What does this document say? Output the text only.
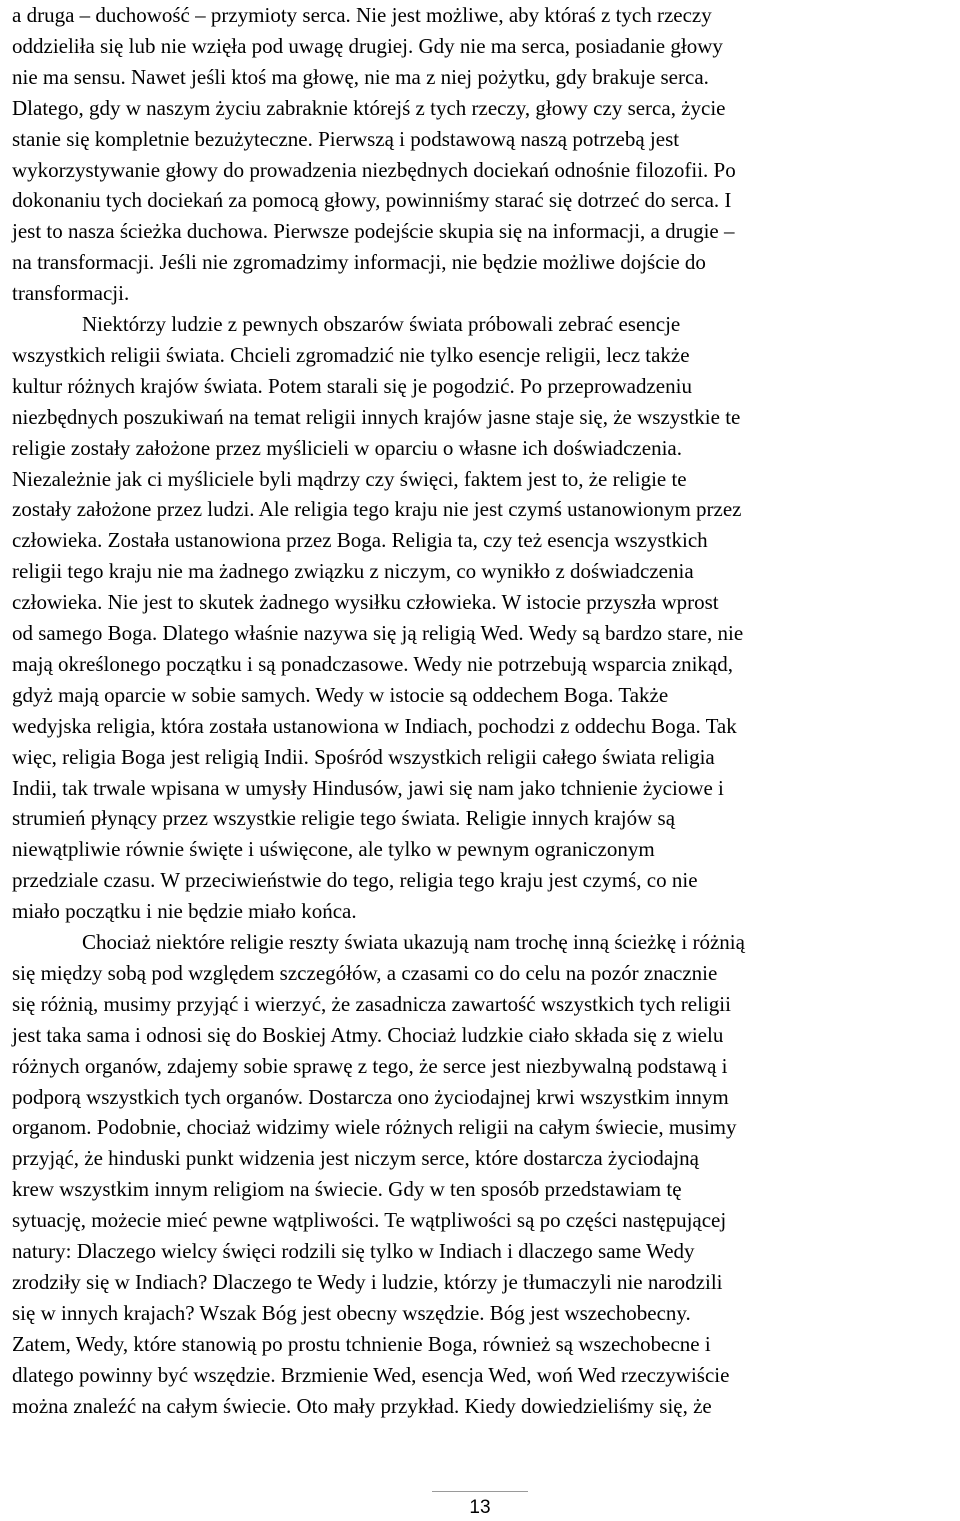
a druga – duchowość – przymioty serca. Nie jest możliwe, aby któraś z tych rzeczy
oddzieliła się lub nie wzięła pod uwagę drugiej. Gdy nie ma serca, posiadanie głowy
nie ma sensu. Nawet jeśli ktoś ma głowę, nie ma z niej pożytku, gdy brakuje serca.
Dlatego, gdy w naszym życiu zabraknie którejś z tych rzeczy, głowy czy serca, życie
stanie się kompletnie bezużyteczne. Pierwszą i podstawową naszą potrzebą jest
wykorzystywanie głowy do prowadzenia niezbędnych dociekań odnośnie filozofii. Po
dokonaniu tych dociekań za pomocą głowy, powinniśmy starać się dotrzeć do serca. I
jest to nasza ścieżka duchowa. Pierwsze podejście skupia się na informacji, a drugie –
na transformacji. Jeśli nie zgromadzimy informacji, nie będzie możliwe dojście do
transformacji.
Niektórzy ludzie z pewnych obszarów świata próbowali zebrać esencje
wszystkich religii świata. Chcieli zgromadzić nie tylko esencje religii, lecz także
kultur różnych krajów świata. Potem starali się je pogodzić. Po przeprowadzeniu
niezbędnych poszukiwań na temat religii innych krajów jasne staje się, że wszystkie te
religie zostały założone przez myślicieli w oparciu o własne ich doświadczenia.
Niezależnie jak ci myśliciele byli mądrzy czy święci, faktem jest to, że religie te
zostały założone przez ludzi. Ale religia tego kraju nie jest czymś ustanowionym przez
człowieka. Została ustanowiona przez Boga. Religia ta, czy też esencja wszystkich
religii tego kraju nie ma żadnego związku z niczym, co wynikło z doświadczenia
człowieka. Nie jest to skutek żadnego wysiłku człowieka. W istocie przyszła wprost
od samego Boga. Dlatego właśnie nazywa się ją religią Wed. Wedy są bardzo stare, nie
mają określonego początku i są ponadczasowe. Wedy nie potrzebują wsparcia znikąd,
gdyż mają oparcie w sobie samych. Wedy w istocie są oddechem Boga. Także
wedyjska religia, która została ustanowiona w Indiach, pochodzi z oddechu Boga. Tak
więc, religia Boga jest religią Indii. Spośród wszystkich religii całego świata religia
Indii, tak trwale wpisana w umysły Hindusów, jawi się nam jako tchnienie życiowe i
strumień płynący przez wszystkie religie tego świata. Religie innych krajów są
niewątpliwie równie święte i uświęcone, ale tylko w pewnym ograniczonym
przedziale czasu. W przeciwieństwie do tego, religia tego kraju jest czymś, co nie
miało początku i nie będzie miało końca.
Chociaż niektóre religie reszty świata ukazują nam trochę inną ścieżkę i różnią
się między sobą pod względem szczegółów, a czasami co do celu na pozór znacznie
się różnią, musimy przyjąć i wierzyć, że zasadnicza zawartość wszystkich tych religii
jest taka sama i odnosi się do Boskiej Atmy. Chociaż ludzkie ciało składa się z wielu
różnych organów, zdajemy sobie sprawę z tego, że serce jest niezbywalną podstawą i
podporą wszystkich tych organów. Dostarcza ono życiodajnej krwi wszystkim innym
organom. Podobnie, chociaż widzimy wiele różnych religii na całym świecie, musimy
przyjąć, że hinduski punkt widzenia jest niczym serce, które dostarcza życiodajną
krew wszystkim innym religiom na świecie. Gdy w ten sposób przedstawiam tę
sytuację, możecie mieć pewne wątpliwości. Te wątpliwości są po części następującej
natury: Dlaczego wielcy święci rodzili się tylko w Indiach i dlaczego same Wedy
zrodziły się w Indiach? Dlaczego te Wedy i ludzie, którzy je tłumaczyli nie narodzili
się w innych krajach? Wszak Bóg jest obecny wszędzie. Bóg jest wszechobecny.
Zatem, Wedy, które stanowią po prostu tchnienie Boga, również są wszechobecne i
dlatego powinny być wszędzie. Brzmienie Wed, esencja Wed, woń Wed rzeczywiście
można znaleźć na całym świecie. Oto mały przykład. Kiedy dowiedzieliśmy się, że
13
